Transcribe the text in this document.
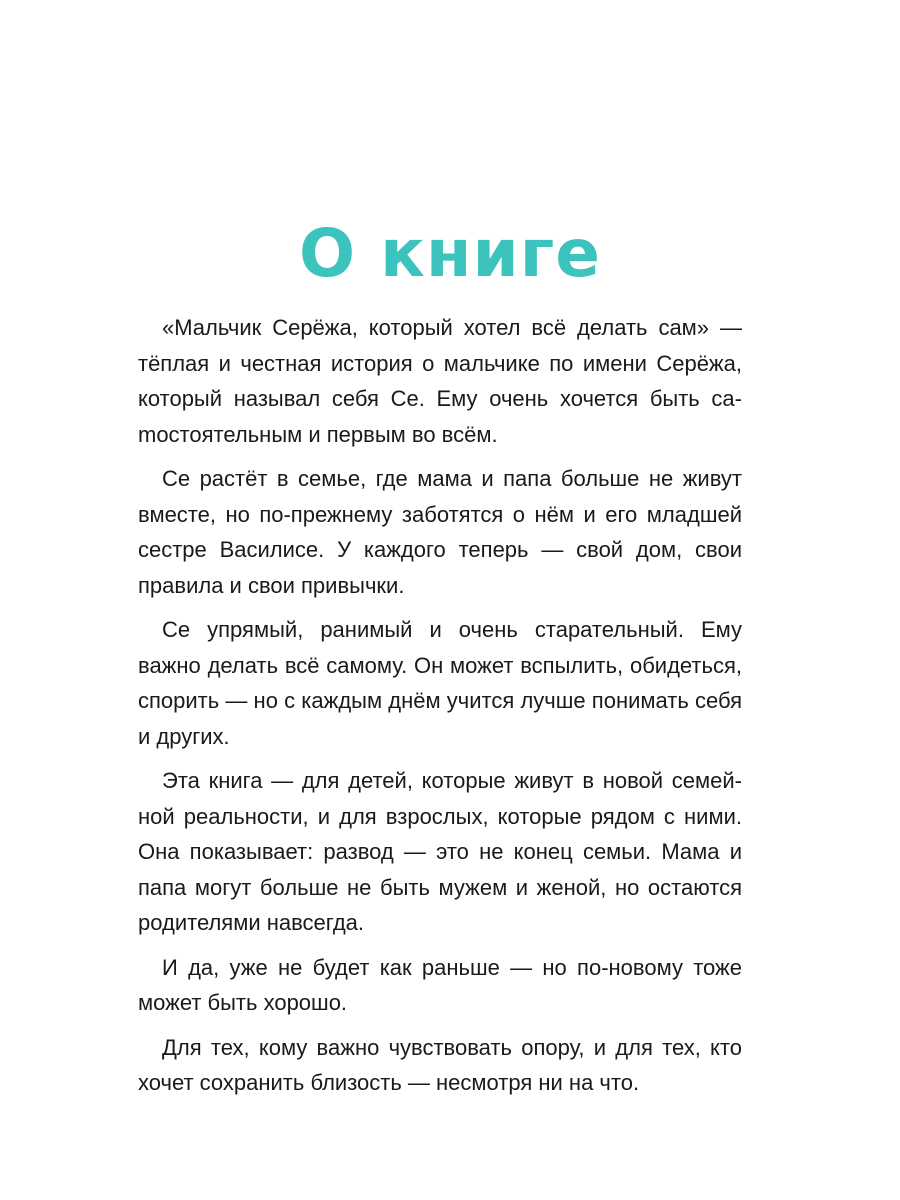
О книге

«Мальчик Серёжа, который хотел всё делать сам» — тёплая и честная история о мальчике по имени Серёжа, который называл себя Се. Ему очень хочется быть саmостоятельным и первым во всём.

Се растёт в семье, где мама и папа больше не живут вместе, но по-прежнему заботятся о нём и его младшей сестре Василисе. У каждого теперь — свой дом, свои правила и свои привычки.

Се упрямый, ранимый и очень старательный. Ему важно делать всё самому. Он может вспылить, обидеться, спорить — но с каждым днём учится лучше понимать себя и других.

Эта книга — для детей, которые живут в новой семейной реальности, и для взрослых, которые рядом с ними. Она показывает: развод — это не конец семьи. Мама и папа могут больше не быть мужем и женой, но остаются родителями навсегда.

И да, уже не будет как раньше — но по-новому тоже может быть хорошо.

Для тех, кому важно чувствовать опору, и для тех, кто хочет сохранить близость — несмотря ни на что.
